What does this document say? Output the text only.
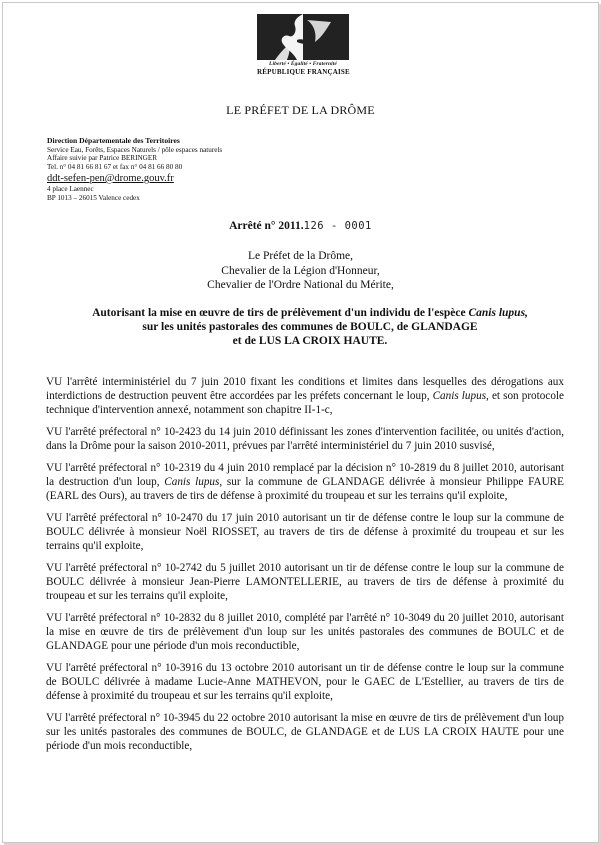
Liberté • Égalité • Fraternité
RÉPUBLIQUE FRANÇAISE
LE PRÉFET DE LA DRÔME
Direction Départementale des Territoires
Service Eau, Forêts, Espaces Naturels / pôle espaces naturels
Affaire suivie par Patrice BERINGER
Tel. n° 04 81 66 81 67 et fax n° 04 81 66 80 80
ddt-sefen-pen@drome.gouv.fr
4 place Laennec
BP 1013 – 26015 Valence cedex
Arrêté n° 2011.126 - 0001
Le Préfet de la Drôme,
Chevalier de la Légion d'Honneur,
Chevalier de l'Ordre National du Mérite,
Autorisant la mise en œuvre de tirs de prélèvement d'un individu de l'espèce Canis lupus,
sur les unités pastorales des communes de BOULC, de GLANDAGE
et de LUS LA CROIX HAUTE.

VU l'arrêté interministériel du 7 juin 2010 fixant les conditions et limites dans lesquelles des dérogations aux interdictions de destruction peuvent être accordées par les préfets concernant le loup, Canis lupus, et son protocole technique d'intervention annexé, notamment son chapitre II-1-c,

VU l'arrêté préfectoral n° 10-2423 du 14 juin 2010 définissant les zones d'intervention facilitée, ou unités d'action, dans la Drôme pour la saison 2010-2011, prévues par l'arrêté interministériel du 7 juin 2010 susvisé,

VU l'arrêté préfectoral n° 10-2319 du 4 juin 2010 remplacé par la décision n° 10-2819 du 8 juillet 2010, autorisant la destruction d'un loup, Canis lupus, sur la commune de GLANDAGE délivrée à monsieur Philippe FAURE (EARL des Ours), au travers de tirs de défense à proximité du troupeau et sur les terrains qu'il exploite,

VU l'arrêté préfectoral n° 10-2470 du 17 juin 2010 autorisant un tir de défense contre le loup sur la commune de BOULC délivrée à monsieur Noël RIOSSET, au travers de tirs de défense à proximité du troupeau et sur les terrains qu'il exploite,

VU l'arrêté préfectoral n° 10-2742 du 5 juillet 2010 autorisant un tir de défense contre le loup sur la commune de BOULC délivrée à monsieur Jean-Pierre LAMONTELLERIE, au travers de tirs de défense à proximité du troupeau et sur les terrains qu'il exploite,

VU l'arrêté préfectoral n° 10-2832 du 8 juillet 2010, complété par l'arrêté n° 10-3049 du 20 juillet 2010, autorisant la mise en œuvre de tirs de prélèvement d'un loup sur les unités pastorales des communes de BOULC et de GLANDAGE pour une période d'un mois reconductible,

VU l'arrêté préfectoral n° 10-3916 du 13 octobre 2010 autorisant un tir de défense contre le loup sur la commune de BOULC délivrée à madame Lucie-Anne MATHEVON, pour le GAEC de L'Estellier, au travers de tirs de défense à proximité du troupeau et sur les terrains qu'il exploite,

VU l'arrêté préfectoral n° 10-3945 du 22 octobre 2010 autorisant la mise en œuvre de tirs de prélèvement d'un loup sur les unités pastorales des communes de BOULC, de GLANDAGE et de LUS LA CROIX HAUTE pour une période d'un mois reconductible,
